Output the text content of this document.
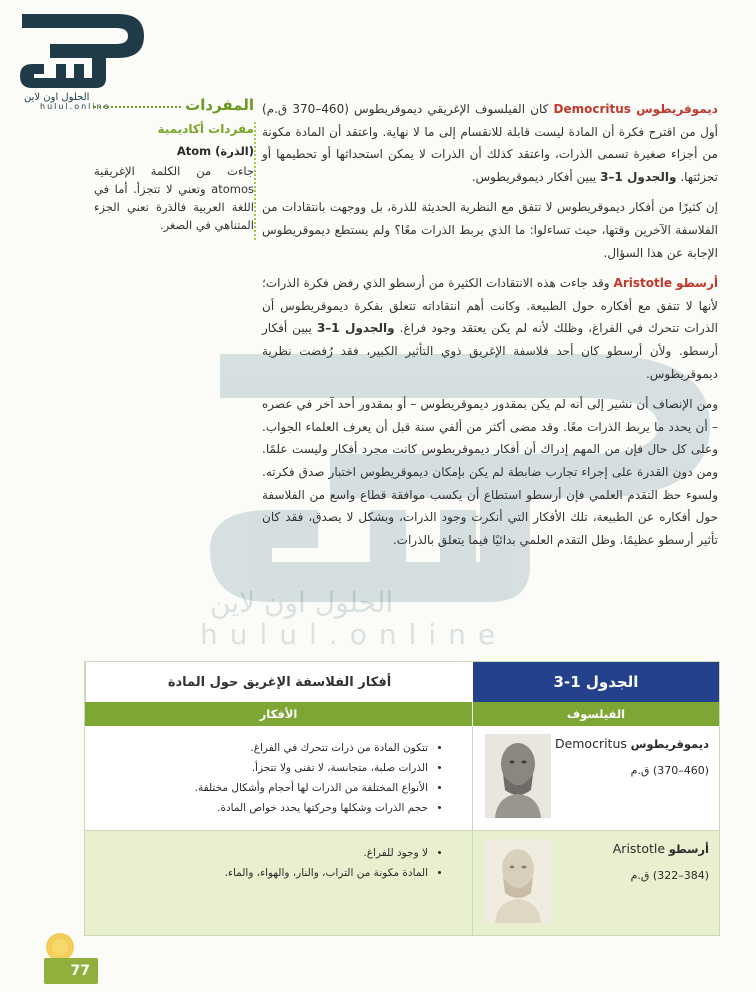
الحلول اون لاين
hulul.online
hulul.online
الحلول اون لاين
المفردات
مفردات أكاديمية
Atom (الذرة)
جاءت من الكلمة الإغريقية atomos وتعني لا تتجزأ. أما في اللغة العربية فالذرة تعني الجزء المتناهي في الصغر.

ديموقريطوس Democritus كان الفيلسوف الإغريقي ديموقريطوس (460–370 ق.م) أول من اقترح فكرة أن المادة ليست قابلة للانقسام إلى ما لا نهاية. واعتقد أن المادة مكونة من أجزاء صغيرة تسمى الذرات، واعتقد كذلك أن الذرات لا يمكن استحداثها أو تحطيمها أو تجزئتها. والجدول 1–3 يبين أفكار ديموقريطوس.

إن كثيرًا من أفكار ديموقريطوس لا تتفق مع النظرية الحديثة للذرة، بل ووجهت بانتقادات من الفلاسفة الآخرين وقتها، حيث تساءلوا: ما الذي يربط الذرات معًا؟ ولم يستطع ديموقريطوس الإجابة عن هذا السؤال.

أرسطو Aristotle وقد جاءت هذه الانتقادات الكثيرة من أرسطو الذي رفض فكرة الذرات؛ لأنها لا تتفق مع أفكاره حول الطبيعة. وكانت أهم انتقاداته تتعلق بفكرة ديموقريطوس أن الذرات تتحرك في الفراغ، وظلك لأنه لم يكن يعتقد وجود فراغ. والجدول 1–3 يبين أفكار أرسطو. ولأن أرسطو كان أحد فلاسفة الإغريق ذوي التأثير الكبير، فقد رُفضت نظرية ديموقريطوس.

ومن الإنصاف أن نشير إلى أنه لم يكن بمقدور ديموقريطوس – أو بمقدور أحد آخر في عصره – أن يحدد ما يربط الذرات معًا. وقد مضى أكثر من ألفي سنة قبل أن يعرف العلماء الجواب. وعلى كل حال فإن من المهم إدراك أن أفكار ديموقريطوس كانت مجرد أفكار وليست علمًا. ومن دون القدرة على إجراء تجارب ضابطة لم يكن بإمكان ديموقريطوس اختبار صدق فكرته. ولسوء حظ التقدم العلمي فإن أرسطو استطاع أن يكسب موافقة قطاع واسع من الفلاسفة حول أفكاره عن الطبيعة، تلك الأفكار التي أنكرت وجود الذرات، وبشكل لا يصدق، فقد كان تأثير أرسطو عظيمًا. وظل التقدم العلمي بدائيًا فيما يتعلق بالذرات.

الجدول 1-3
أفكار الفلاسفة الإغريق حول المادة
الفيلسوف
الأفكار
ديموقريطوس Democritus
(460–370) ق.م
• تتكون المادة من ذرات تتحرك في الفراغ.
• الذرات صلبة، متجانسة، لا تفنى ولا تتجزأ.
• الأنواع المختلفة من الذرات لها أحجام وأشكال مختلفة.
• حجم الذرات وشكلها وحركتها يحدد خواص المادة.
أرسطو Aristotle
(384–322) ق.م
• لا وجود للفراغ.
• المادة مكونة من التراب، والنار، والهواء، والماء.
77
